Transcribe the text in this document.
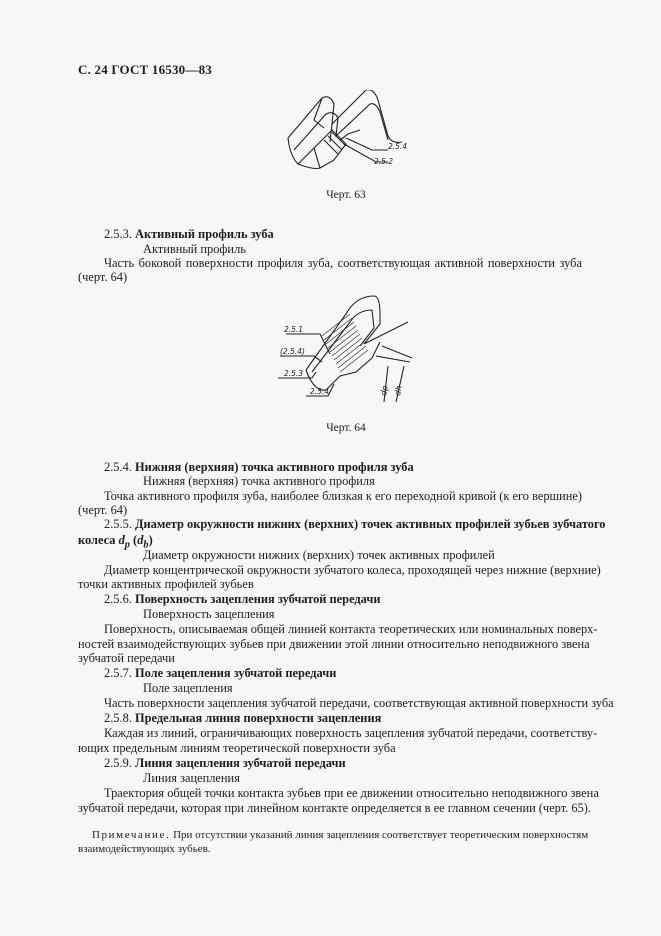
С. 24 ГОСТ 16530—83
2.5.4
2.5.2
Черт. 63
2.5.3. Активный профиль зуба
Активный профиль
Часть боковой поверхности профиля зуба, соответствующая активной поверхности зуба
(черт. 64)
2.5.1
(2.5.4)
2.5.3
2.5.4	dp dh
Черт. 64
2.5.4. Нижняя (верхняя) точка активного профиля зуба
Нижняя (верхняя) точка активного профиля
Точка активного профиля зуба, наиболее близкая к его переходной кривой (к его вершине)
(черт. 64)
2.5.5. Диаметр окружности нижних (верхних) точек активных профилей зубьев зубчатого
колеса $d_p$ $(d_b)$
Диаметр окружности нижних (верхних) точек активных профилей
Диаметр концентрической окружности зубчатого колеса, проходящей через нижние (верхние)
точки активных профилей зубьев
2.5.6. Поверхность зацепления зубчатой передачи
Поверхность зацепления
Поверхность, описываемая общей линией контакта теоретических или номинальных поверх-
ностей взаимодействующих зубьев при движении этой линии относительно неподвижного звена
зубчатой передачи
2.5.7. Поле зацепления зубчатой передачи
Поле зацепления
Часть поверхности зацепления зубчатой передачи, соответствующая активной поверхности зуба
2.5.8. Предельная линия поверхности зацепления
Каждая из линий, ограничивающих поверхность зацепления зубчатой передачи, соответству-
ющих предельным линиям теоретической поверхности зуба
2.5.9. Линия зацепления зубчатой передачи
Линия зацепления
Траектория общей точки контакта зубьев при ее движении относительно неподвижного звена
зубчатой передачи, которая при линейном контакте определяется в ее главном сечении (черт. 65).
Примечание. При отсутствии указаний линия зацепления соответствует теоретическим поверхностям
взаимодействующих зубьев.
